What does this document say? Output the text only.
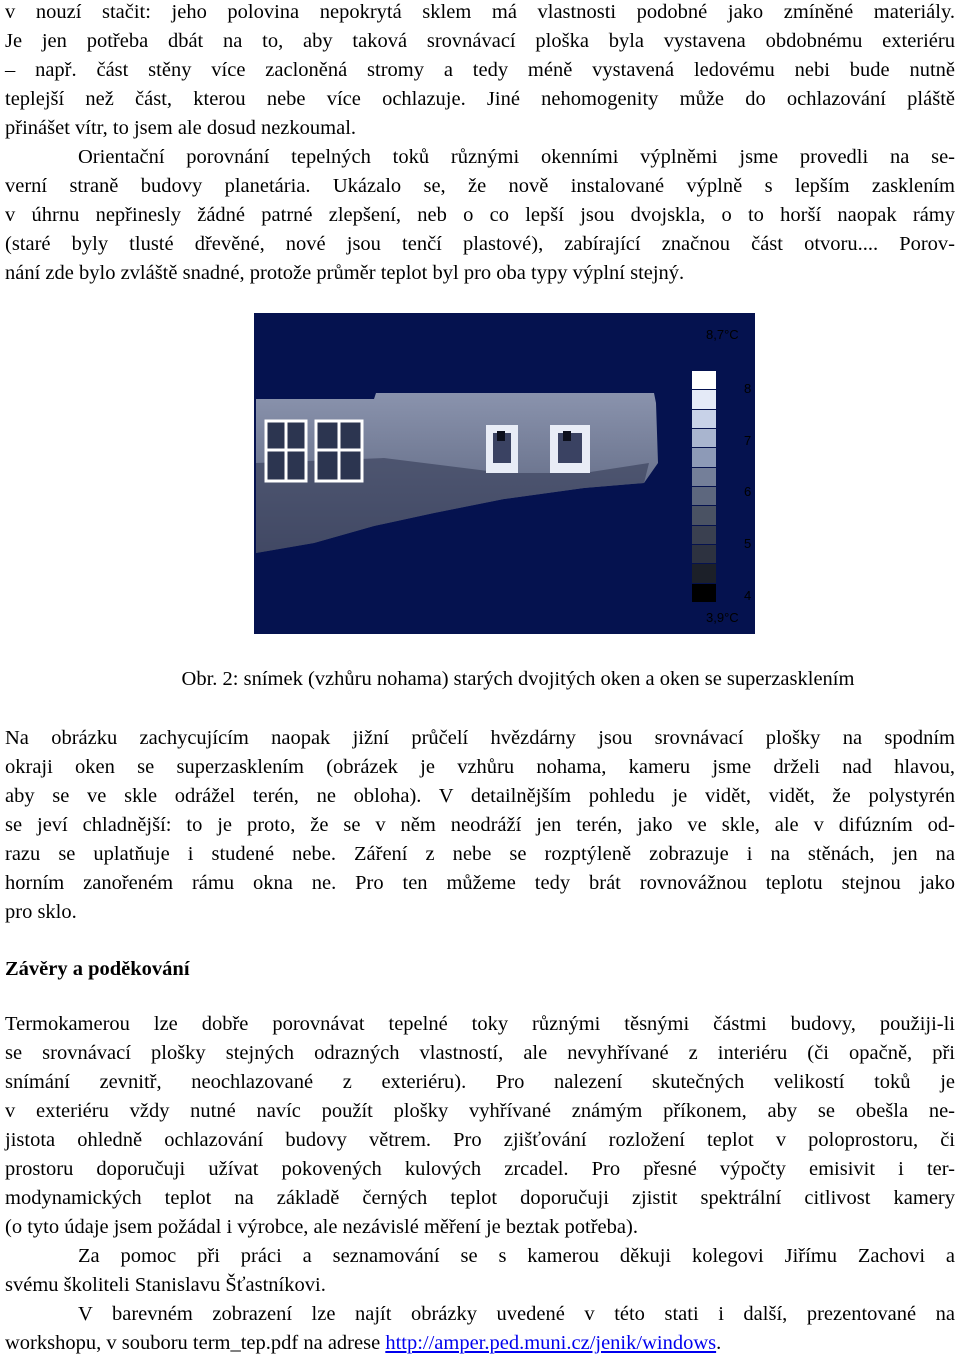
v nouzí stačit: jeho polovina nepokrytá sklem má vlastnosti podobné jako zmíněné materiály.
Je jen potřeba dbát na to, aby taková srovnávací ploška byla vystavena obdobnému exteriéru
– např. část stěny více zacloněná stromy a tedy méně vystavená ledovému nebi bude nutně
teplejší než část, kterou nebe více ochlazuje. Jiné nehomogenity může do ochlazování pláště
přinášet vítr, to jsem ale dosud nezkoumal.
Orientační porovnání tepelných toků různými okenními výplněmi jsme provedli na se-
verní straně budovy planetária. Ukázalo se, že nově instalované výplně s lepším zasklením
v úhrnu nepřinesly žádné patrné zlepšení, neb o co lepší jsou dvojskla, o to horší naopak rámy
(staré byly tlusté dřevěné, nové jsou tenčí plastové), zabírající značnou část otvoru.... Porov-
nání zde bylo zvláště snadné, protože průměr teplot byl pro oba typy výplní stejný.
8,7°C
8
7
6
5
4
3,9°C
Obr. 2: snímek (vzhůru nohama) starých dvojitých oken a oken se superzasklením
Na obrázku zachycujícím naopak jižní průčelí hvězdárny jsou srovnávací plošky na spodním
okraji oken se superzasklením (obrázek je vzhůru nohama, kameru jsme drželi nad hlavou,
aby se ve skle odrážel terén, ne obloha). V detailnějším pohledu je vidět, vidět, že polystyrén
se jeví chladnější: to je proto, že se v něm neodráží jen terén, jako ve skle, ale v difúzním od-
razu se uplatňuje i studené nebe. Záření z nebe se rozptýleně zobrazuje i na stěnách, jen na
horním zanořeném rámu okna ne. Pro ten můžeme tedy brát rovnovážnou teplotu stejnou jako
pro sklo.
Závěry a poděkování
Termokamerou lze dobře porovnávat tepelné toky různými těsnými částmi budovy, použiji-li
se srovnávací plošky stejných odrazných vlastností, ale nevyhřívané z interiéru (či opačně, při
snímání zevnitř, neochlazované z exteriéru). Pro nalezení skutečných velikostí toků je
v exteriéru vždy nutné navíc použít plošky vyhřívané známým příkonem, aby se obešla ne-
jistota ohledně ochlazování budovy větrem. Pro zjišťování rozložení teplot v poloprostoru, či
prostoru doporučuji užívat pokovených kulových zrcadel. Pro přesné výpočty emisivit i ter-
modynamických teplot na základě černých teplot doporučuji zjistit spektrální citlivost kamery
(o tyto údaje jsem požádal i výrobce, ale nezávislé měření je beztak potřeba).
Za pomoc při práci a seznamování se s kamerou děkuji kolegovi Jiřímu Zachovi a
svému školiteli Stanislavu Šťastníkovi.
V barevném zobrazení lze najít obrázky uvedené v této stati i další, prezentované na
workshopu, v souboru term_tep.pdf na adrese http://amper.ped.muni.cz/jenik/windows.
